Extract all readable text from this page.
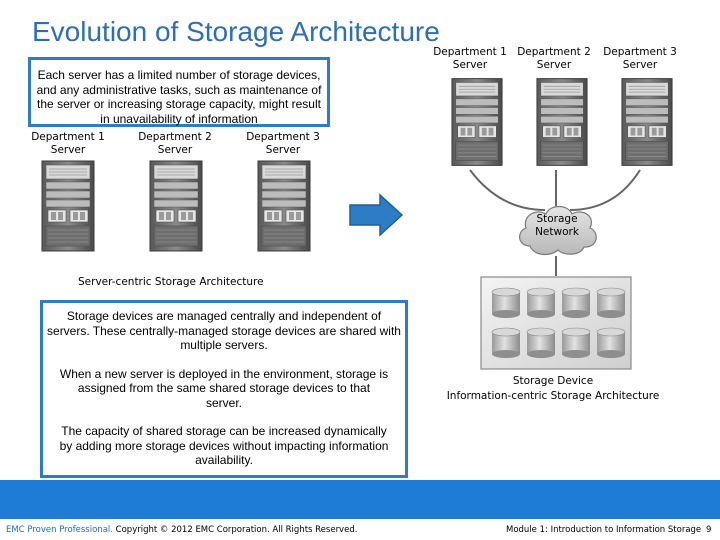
Evolution of Storage Architecture
Each server has a limited number of storage devices, and any administrative tasks, such as maintenance of the server or increasing storage capacity, might result in unavailability of information
Department 1
Server
Department 2
Server
Department 3
Server
Server-centric Storage Architecture
Department 1
Server
Department 2
Server
Department 3
Server
Storage
Network
Storage Device
Information-centric Storage Architecture

Storage devices are managed centrally and independent of servers. These centrally-managed storage devices are shared with multiple servers.

When a new server is deployed in the environment, storage is assigned from the same shared storage devices to that server.

The capacity of shared storage can be increased dynamically by adding more storage devices without impacting information availability.

EMC Proven Professional. Copyright © 2012 EMC Corporation. All Rights Reserved.	Module 1: Introduction to Information Storage 9
